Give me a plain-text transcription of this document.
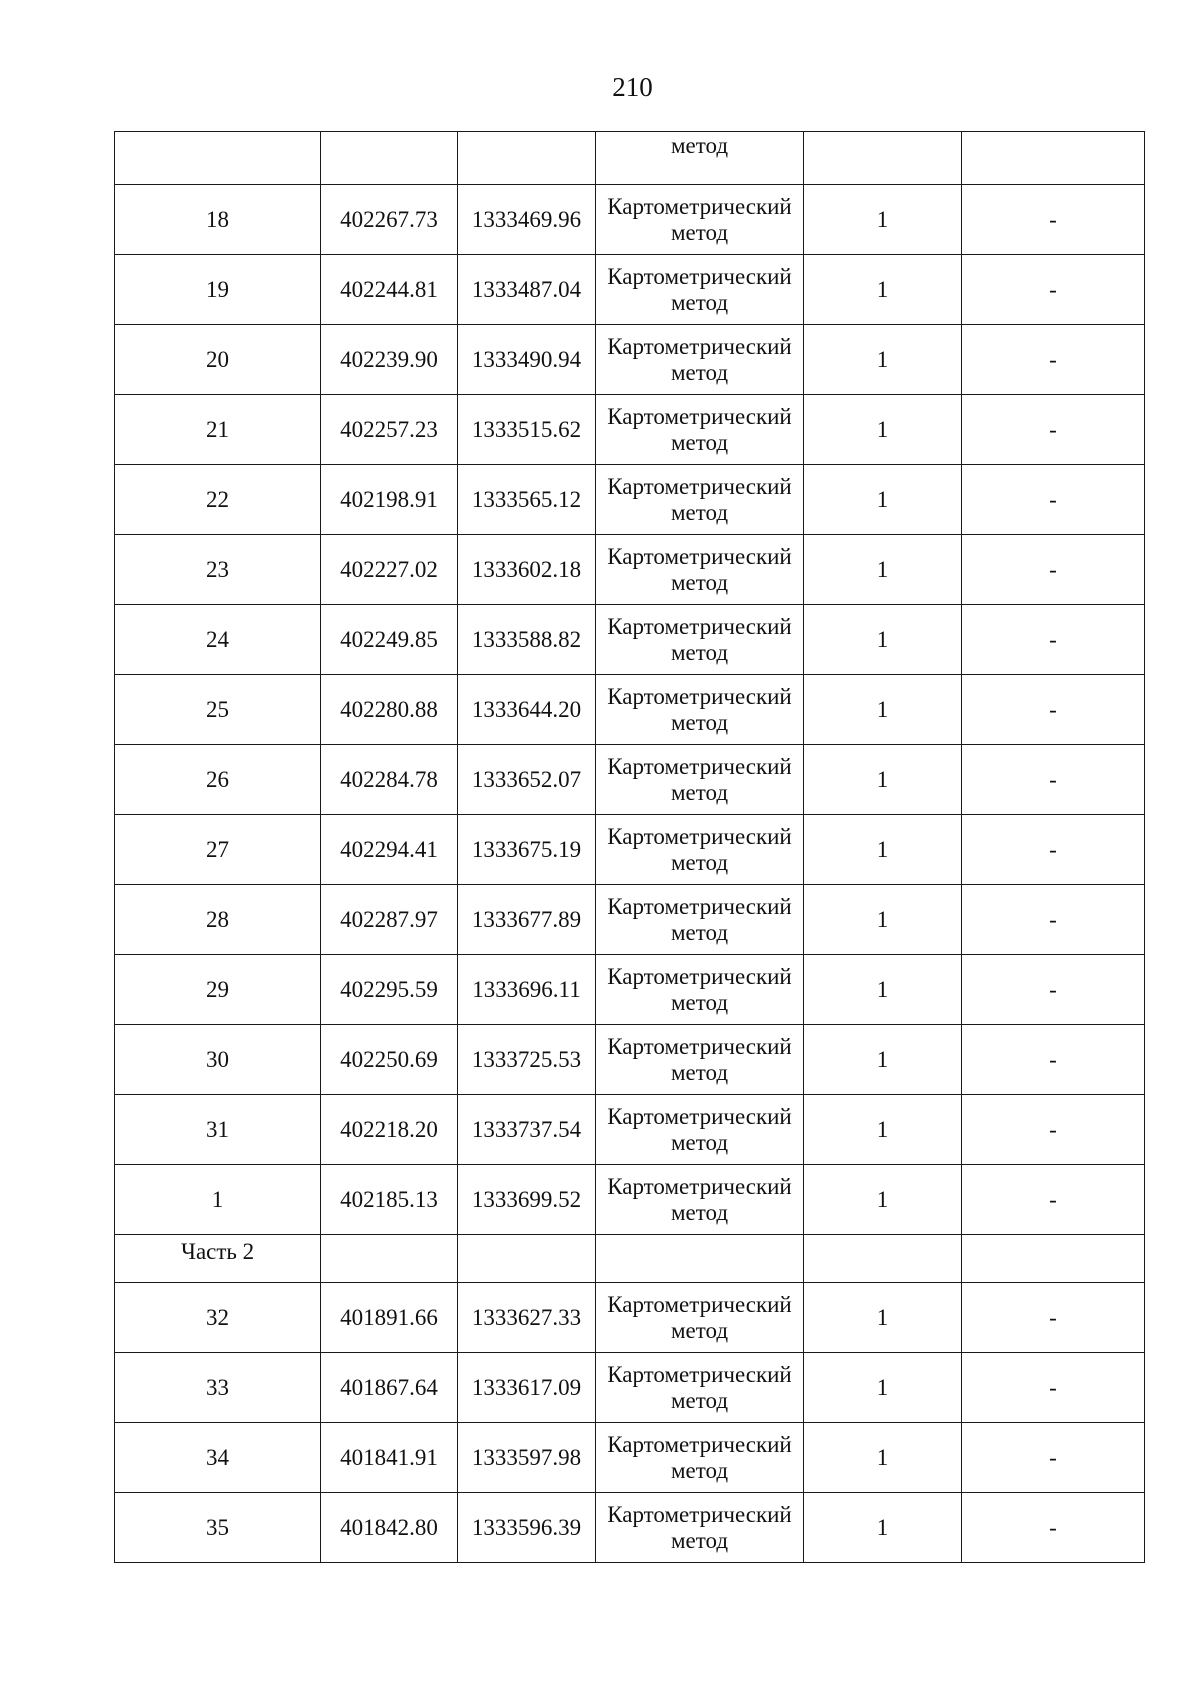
210

			метод		

18	402267.73	1333469.96	Картометрический метод	1	-
19	402244.81	1333487.04	Картометрический метод	1	-
20	402239.90	1333490.94	Картометрический метод	1	-
21	402257.23	1333515.62	Картометрический метод	1	-
22	402198.91	1333565.12	Картометрический метод	1	-
23	402227.02	1333602.18	Картометрический метод	1	-
24	402249.85	1333588.82	Картометрический метод	1	-
25	402280.88	1333644.20	Картометрический метод	1	-
26	402284.78	1333652.07	Картометрический метод	1	-
27	402294.41	1333675.19	Картометрический метод	1	-
28	402287.97	1333677.89	Картометрический метод	1	-
29	402295.59	1333696.11	Картометрический метод	1	-
30	402250.69	1333725.53	Картометрический метод	1	-
31	402218.20	1333737.54	Картометрический метод	1	-
1	402185.13	1333699.52	Картометрический метод	1	-
Часть 2					
32	401891.66	1333627.33	Картометрический метод	1	-
33	401867.64	1333617.09	Картометрический метод	1	-
34	401841.91	1333597.98	Картометрический метод	1	-
35	401842.80	1333596.39	Картометрический метод	1	-
